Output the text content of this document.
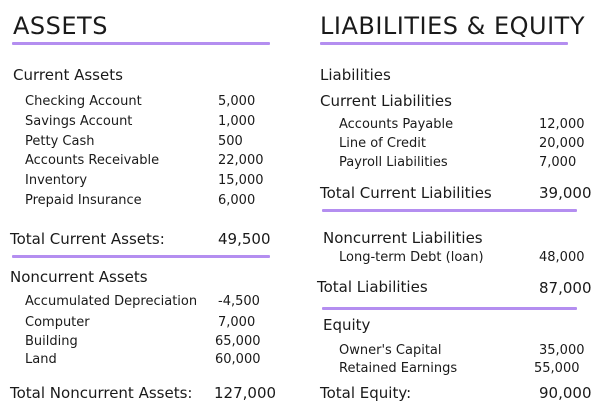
ASSETS
Current Assets
Checking Account	5,000
Savings Account	1,000
Petty Cash	500
Accounts Receivable	22,000
Inventory	15,000
Prepaid Insurance	6,000
Total Current Assets:	49,500
Noncurrent Assets
Accumulated Depreciation -4,500
Computer	7,000
Building	65,000
Land	60,000
Total Noncurrent Assets: 127,000
LIABILITIES & EQUITY
Liabilities
Current Liabilities
Accounts Payable	12,000
Line of Credit	20,000
Payroll Liabilities	7,000
Total Current Liabilities	39,000
Noncurrent Liabilities
Long-term Debt (loan)	48,000
Total Liabilities	87,000
Equity
Owner's Capital	35,000
Retained Earnings	55,000
Total Equity:	90,000
